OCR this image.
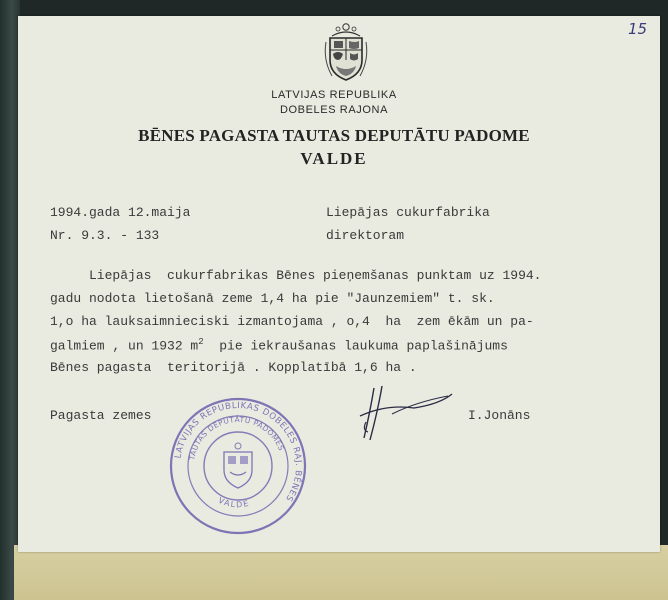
15
LATVIJAS REPUBLIKA
DOBELES RAJONA
BĒNES PAGASTA TAUTAS DEPUTĀTU PADOME
VALDE
1994.gada 12.maija
Nr. 9.3. - 133
Liepājas cukurfabrika
direktoram
Liepājas  cukurfabrikas Bēnes pieņemšanas punktam uz 1994.
gadu nodota lietošanā zeme 1,4 ha pie "Jaunzemiem" t. sk.
1,o ha lauksaimnieciski izmantojama , o,4  ha  zem ēkām un pa-
galmiem , un 1932 $m^2$  pie iekraušanas laukuma paplašinājums
Bēnes pagasta  teritorijā . Kopplatībā 1,6 ha .
Pagasta zemes	I.Jonāns
LATVIJAS REPUBLIKAS DOBELES RAJ. BĒNES
TAUTAS DEPUTĀTU PADOMES
VALDE
